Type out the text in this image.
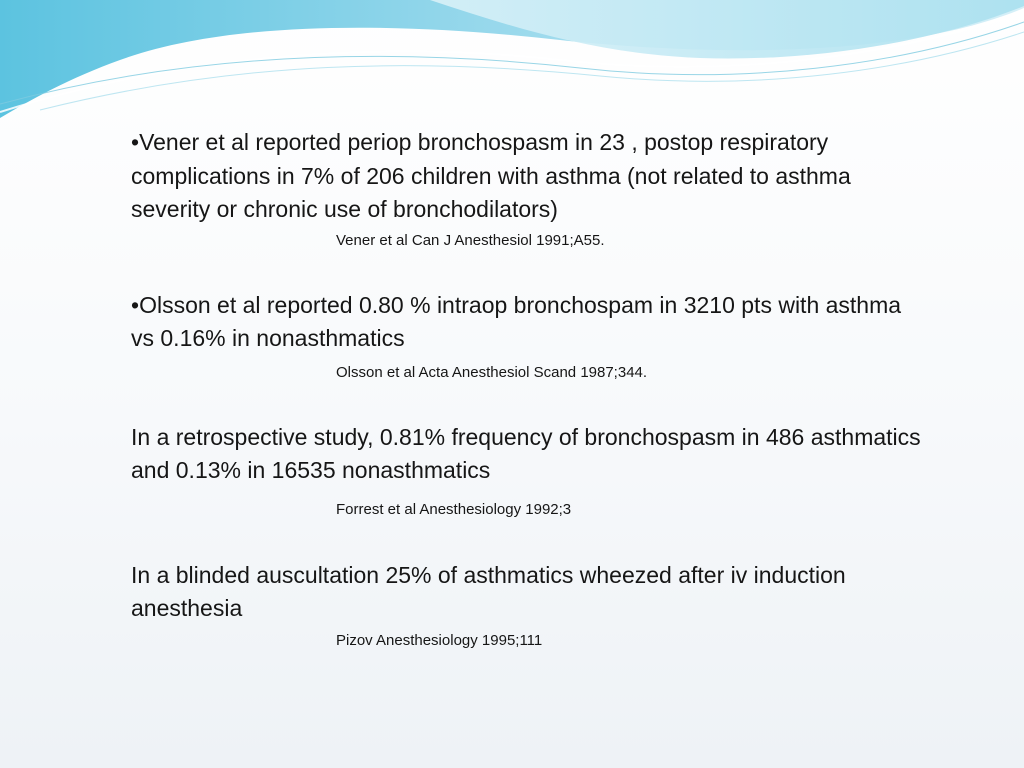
•Vener et al reported periop bronchospasm in 23 , postop respiratory complications in 7% of 206 children with asthma (not related to asthma severity or chronic use of bronchodilators)

Vener et al Can J Anesthesiol 1991;A55.

•Olsson et al reported 0.80 % intraop bronchospam in 3210 pts with asthma vs 0.16% in nonasthmatics

Olsson et al Acta Anesthesiol Scand 1987;344.

In a retrospective study, 0.81% frequency of bronchospasm in 486 asthmatics and 0.13% in 16535 nonasthmatics

Forrest et al Anesthesiology 1992;3

In a blinded auscultation 25% of asthmatics wheezed after iv induction anesthesia

Pizov Anesthesiology 1995;111
